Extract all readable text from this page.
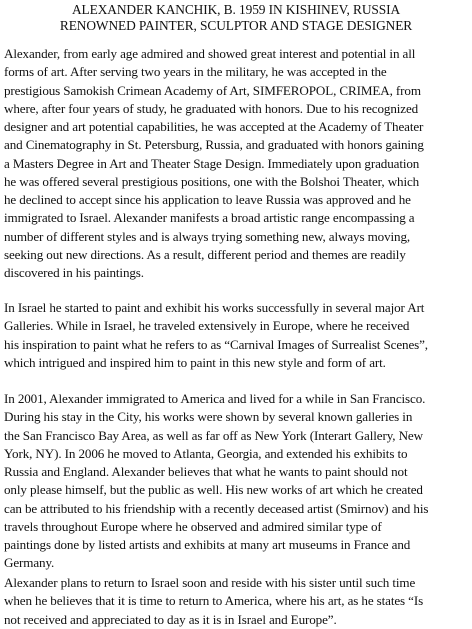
ALEXANDER KANCHIK, B. 1959 IN KISHINEV, RUSSIA
RENOWNED PAINTER, SCULPTOR AND STAGE DESIGNER
Alexander, from early age admired and showed great interest and potential in all
forms of art. After serving two years in the military, he was accepted in the
prestigious Samokish Crimean Academy of Art, SIMFEROPOL, CRIMEA, from
where, after four years of study, he graduated with honors. Due to his recognized
designer and art potential capabilities, he was accepted at the Academy of Theater
and Cinematography in St. Petersburg, Russia, and graduated with honors gaining
a Masters Degree in Art and Theater Stage Design. Immediately upon graduation
he was offered several prestigious positions, one with the Bolshoi Theater, which
he declined to accept since his application to leave Russia was approved and he
immigrated to Israel. Alexander manifests a broad artistic range encompassing a
number of different styles and is always trying something new, always moving,
seeking out new directions. As a result, different period and themes are readily
discovered in his paintings.
In Israel he started to paint and exhibit his works successfully in several major Art
Galleries. While in Israel, he traveled extensively in Europe, where he received
his inspiration to paint what he refers to as “Carnival Images of Surrealist Scenes”,
which intrigued and inspired him to paint in this new style and form of art.
In 2001, Alexander immigrated to America and lived for a while in San Francisco.
During his stay in the City, his works were shown by several known galleries in
the San Francisco Bay Area, as well as far off as New York (Interart Gallery, New
York, NY). In 2006 he moved to Atlanta, Georgia, and extended his exhibits to
Russia and England. Alexander believes that what he wants to paint should not
only please himself, but the public as well. His new works of art which he created
can be attributed to his friendship with a recently deceased artist (Smirnov) and his
travels throughout Europe where he observed and admired similar type of
paintings done by listed artists and exhibits at many art museums in France and
Germany.
Alexander plans to return to Israel soon and reside with his sister until such time
when he believes that it is time to return to America, where his art, as he states “Is
not received and appreciated to day as it is in Israel and Europe”.
